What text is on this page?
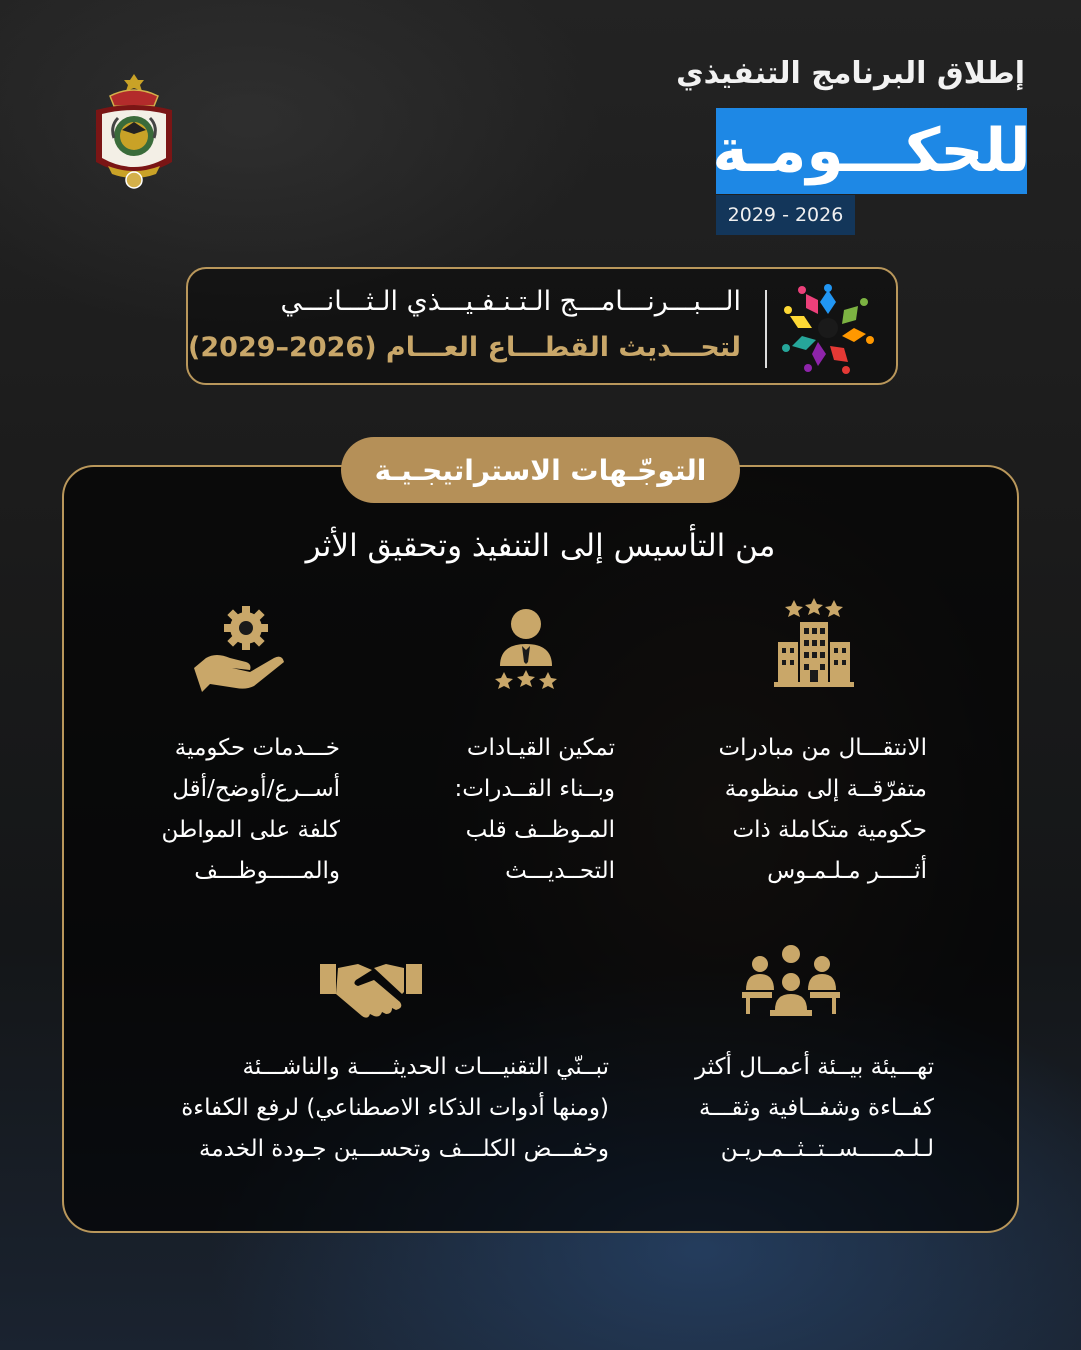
إطلاق البرنامج التنفيذي
للحكـــومـة
2029 - 2026
الـــبـــرنـــامـــج الـتـنـفـيـــذي الـثـــانـــي
لتحـــديث القطـــاع العـــام (2026–2029)
التوجّـهات الاستراتيجـيـة
من التأسيس إلى التنفيذ وتحقيق الأثر
الانتقـــال من مبادرات
متفرّقــة إلى منظومة
حكومية متكاملة ذات
أثـــــر مـلـمـوس
تمكين القيـادات
وبــناء القــدرات:
المـوظــف قلب
التحــديـــث
خـــدمات حكومية
أســرع/أوضح/أقل
كلفة على المواطن
والمـــــوظـــف
تهـــيئة بيــئة أعمــال أكثر
كفــاءة وشفــافية وثقـــة
لـلـمـــــســتــثــمـريـن
تبــنّي التقنيـــات الحديثـــــة والناشـــئة
(ومنها أدوات الذكاء الاصطناعي) لرفع الكفاءة
وخفـــض الكلـــف وتحســـين جـودة الخدمة
